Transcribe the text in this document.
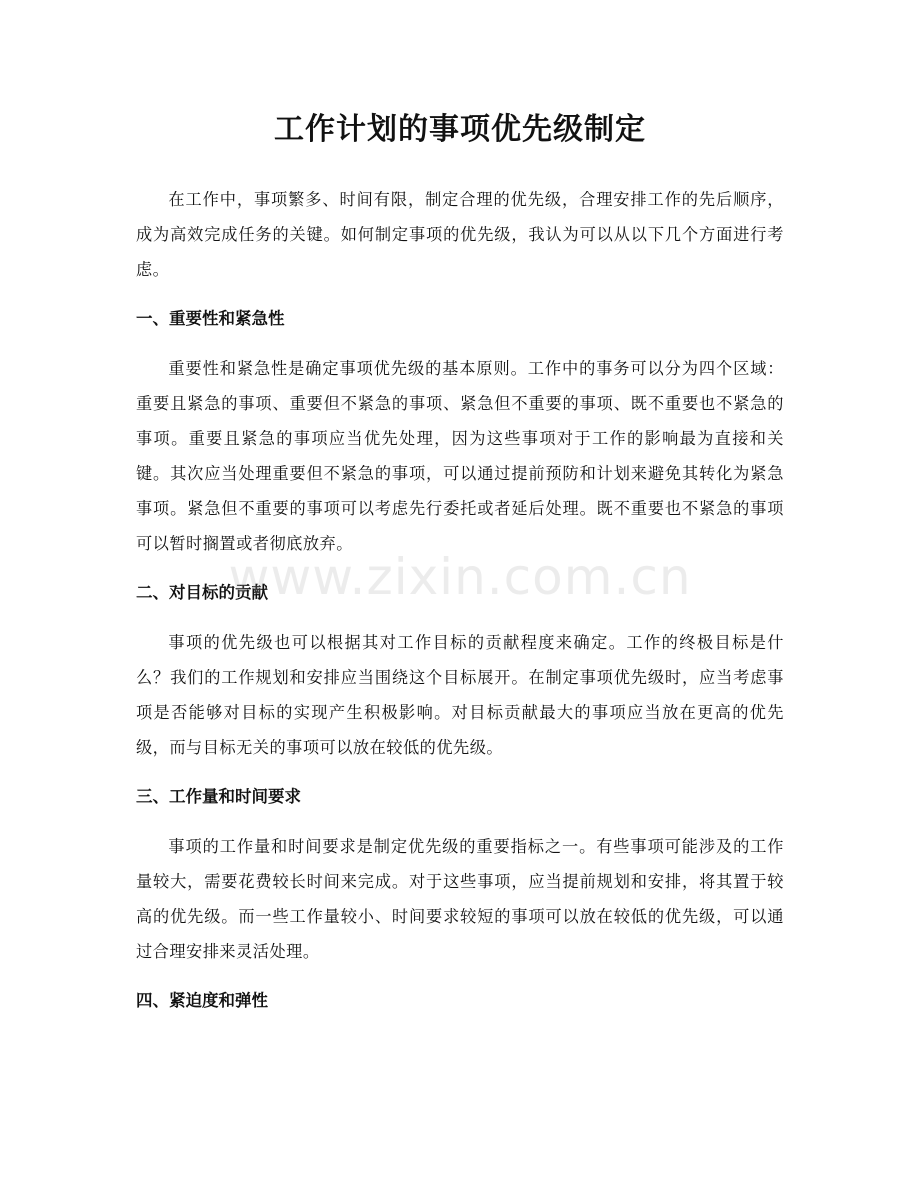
工作计划的事项优先级制定

在工作中，事项繁多、时间有限，制定合理的优先级，合理安排工作的先后顺序，成为高效完成任务的关键。如何制定事项的优先级，我认为可以从以下几个方面进行考虑。

一、重要性和紧急性

重要性和紧急性是确定事项优先级的基本原则。工作中的事务可以分为四个区域：重要且紧急的事项、重要但不紧急的事项、紧急但不重要的事项、既不重要也不紧急的事项。重要且紧急的事项应当优先处理，因为这些事项对于工作的影响最为直接和关键。其次应当处理重要但不紧急的事项，可以通过提前预防和计划来避免其转化为紧急事项。紧急但不重要的事项可以考虑先行委托或者延后处理。既不重要也不紧急的事项可以暂时搁置或者彻底放弃。

二、对目标的贡献

事项的优先级也可以根据其对工作目标的贡献程度来确定。工作的终极目标是什么？我们的工作规划和安排应当围绕这个目标展开。在制定事项优先级时，应当考虑事项是否能够对目标的实现产生积极影响。对目标贡献最大的事项应当放在更高的优先级，而与目标无关的事项可以放在较低的优先级。

三、工作量和时间要求

事项的工作量和时间要求是制定优先级的重要指标之一。有些事项可能涉及的工作量较大，需要花费较长时间来完成。对于这些事项，应当提前规划和安排，将其置于较高的优先级。而一些工作量较小、时间要求较短的事项可以放在较低的优先级，可以通过合理安排来灵活处理。

四、紧迫度和弹性
www.zixin.com.cn
